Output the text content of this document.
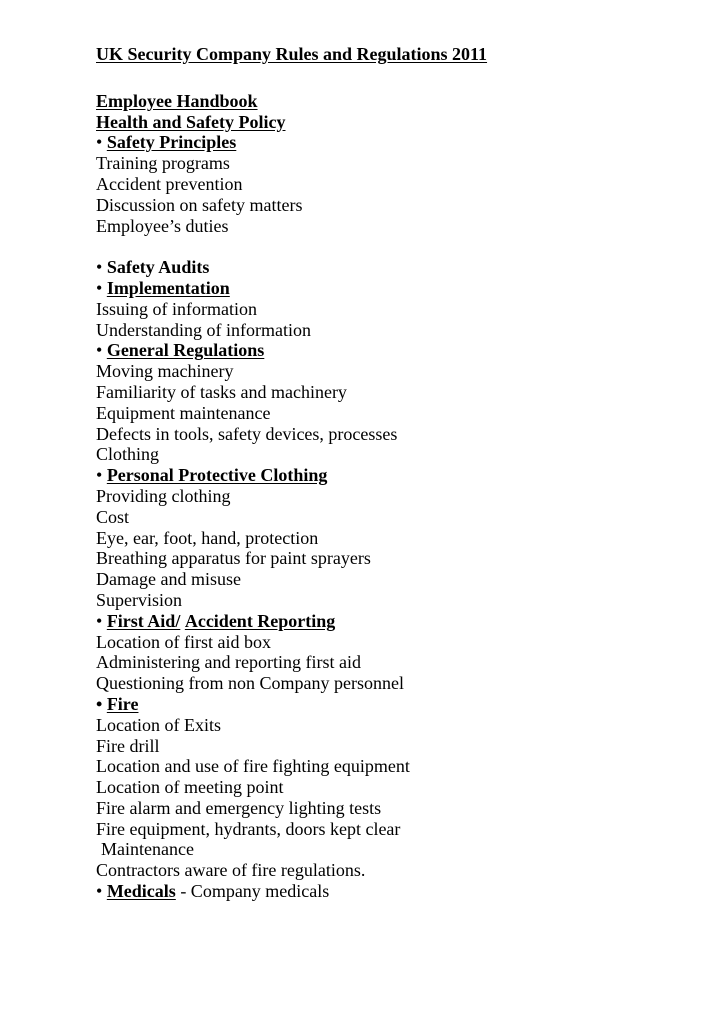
UK Security Company Rules and Regulations 2011
Employee Handbook
Health and Safety Policy
• Safety Principles
Training programs
Accident prevention
Discussion on safety matters
Employee’s duties
• Safety Audits
• Implementation
Issuing of information
Understanding of information
• General Regulations
Moving machinery
Familiarity of tasks and machinery
Equipment maintenance
Defects in tools, safety devices, processes
Clothing
• Personal Protective Clothing
Providing clothing
Cost
Eye, ear, foot, hand, protection
Breathing apparatus for paint sprayers
Damage and misuse
Supervision
• First Aid/ Accident Reporting
Location of first aid box
Administering and reporting first aid
Questioning from non Company personnel
• Fire
Location of Exits
Fire drill
Location and use of fire fighting equipment
Location of meeting point
Fire alarm and emergency lighting tests
Fire equipment, hydrants, doors kept clear
Maintenance
Contractors aware of fire regulations.
• Medicals - Company medicals
